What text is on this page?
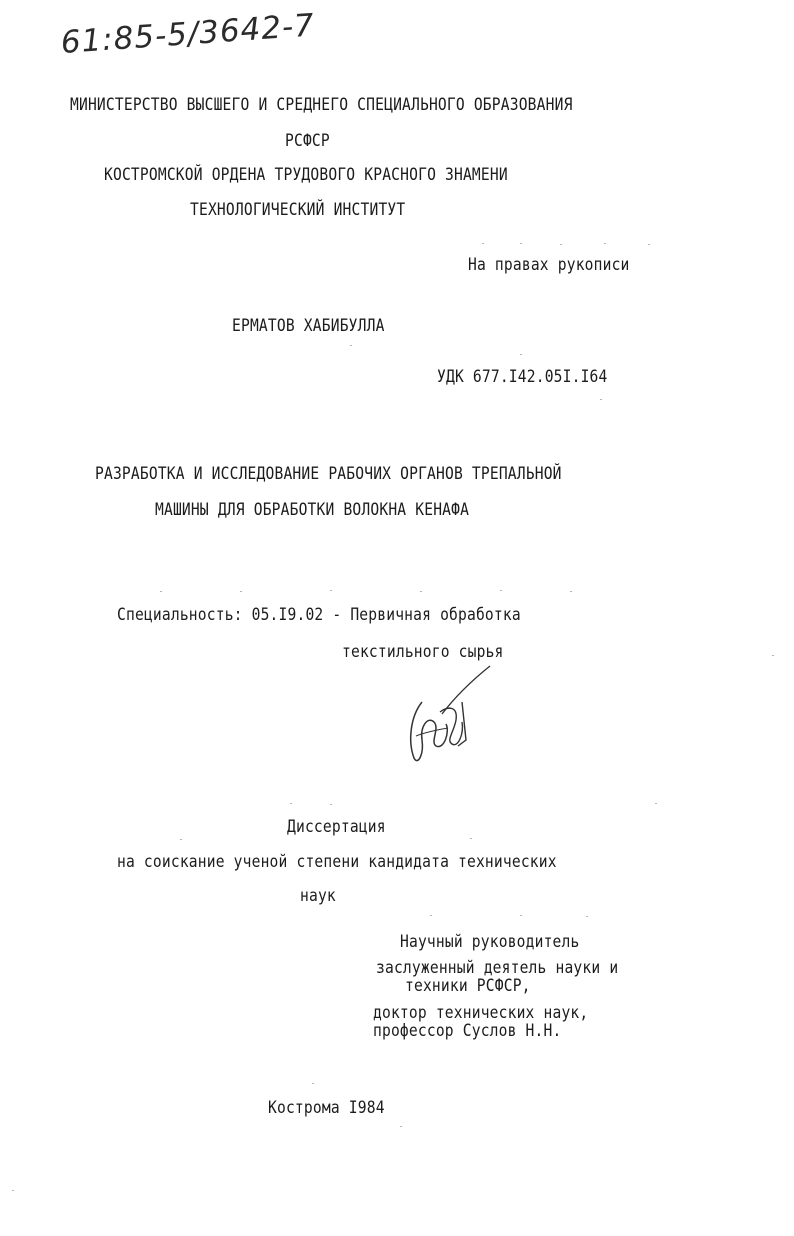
61:85-5/3642-7
МИНИСТЕРСТВО ВЫСШЕГО И СРЕДНЕГО СПЕЦИАЛЬНОГО ОБРАЗОВАНИЯ
РСФСР
КОСТРОМСКОЙ ОРДЕНА ТРУДОВОГО КРАСНОГО ЗНАМЕНИ
ТЕХНОЛОГИЧЕСКИЙ ИНСТИТУТ
На правах рукописи
ЕРМАТОВ ХАБИБУЛЛА
УДК 677.I42.05I.I64
РАЗРАБОТКА И ИССЛЕДОВАНИЕ РАБОЧИХ ОРГАНОВ ТРЕПАЛЬНОЙ
МАШИНЫ ДЛЯ ОБРАБОТКИ ВОЛОКНА КЕНАФА
Специальность: 05.I9.02 - Первичная обработка
текстильного сырья
Диссертация
на соискание ученой степени кандидата технических
наук
Научный руководитель
заслуженный деятель науки и
техники РСФСР,
доктор технических наук,
профессор Суслов Н.Н.
Кострома I984
